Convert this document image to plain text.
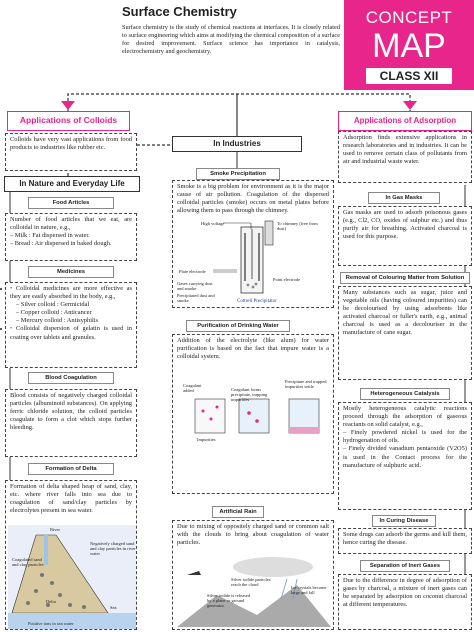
Surface Chemistry
Surface chemistry is the study of chemical reactions at interfaces. It is closely related to surface engineering which aims at modifying the chemical composition of a surface for desired improvement. Surface science has importance in catalysis, electrochemistry and geochemistry.
CONCEPT
MAP
CLASS XII
Applications of Colloids
Colloids have very vast applications from food products to industries like rubber etc.
In Nature and Everyday Life
Food Articles
Number of food articles that we eat, are colloidal in nature, e.g.,
– Milk : Fat dispersed in water.
– Bread : Air dispersed in baked dough.
Medicines
• • Colloidal medicines are more effective as they are easily absorbed in the body, e.g.,
– Silver colloid : Germicidal
– Copper colloid : Anticancer
– Mercury colloid : Antisyphilis
• • Colloidal dispersion of gelatin is used in coating over tablets and granules.
Blood Coagulation
Blood consists of negatively charged colloidal particles (albuminoid substances). On applying ferric chloride solution, the colloid particles coagulate to form a clot which stops further bleeding.
Formation of Delta
Formation of delta shaped heap of sand, clay, etc. where river falls into sea due to coagulation of sand/clay particles by electrolytes present in sea water.
River
Negatively charged sand and clay particles in river water
Coagulated sand and clay particles
Delta
Sea
Positive ions in sea water
In Industries
Smoke Precipitation
Smoke is a big problem for environment as it is the major cause of air pollution. Coagulation of the dispersed colloidal particles (smoke) occurs on metal plates before allowing them to pass through the chimney.
High voltage	To chimney (free from dust)
Plate electrode
Point electrode
Gases carrying dust and smoke
Precipitated dust and smoke	Cottrell Precipitator
Purification of Drinking Water
Addition of the electrolyte (like alum) for water purification is based on the fact that impure water is a colloidal system.
Coagulant added	Coagulant forms precipitate, trapping impurities
Precipitate and trapped impurities settle
Impurities
Artificial Rain
Due to mixing of oppositely charged sand or common salt with the clouds to bring about coagulation of water particles.
Silver iodide particles reach the cloud
Silver iodide is released by a plane or ground generator
Ice crystals become large and fall
Applications of Adsorption
Adsorption finds extensive applications in research laboratories and in industries. It can be used to remove certain class of pollutants from air and industrial waste water.
In Gas Masks
Gas masks are used to adsorb poisonous gases (e.g., Cl2, CO, oxides of sulphur etc.) and thus purify air for breathing. Activated charcoal is used for this purpose.
Removal of Colouring Matter from Solution
Many substances such as sugar, juice and vegetable oils (having coloured impurities) can be decolourised by using adsorbents like activated charcoal or fuller's earth, e.g., animal charcoal is used as a decolouriser in the manufacture of cane sugar.
Heterogeneous Catalysis
Mostly heterogeneous catalytic reactions proceed through the adsorption of gaseous reactants on solid catalyst, e.g.,
– Finely powdered nickel is used for the hydrogenation of oils.
– Finely divided vanadium pentaoxide (V2O5) is used in the Contact process for the manufacture of sulphuric acid.
In Curing Disease
Some drugs can adsorb the germs and kill them, hence curing the disease.
Separation of Inert Gases
Due to the difference in degree of adsorption of gases by charcoal, a mixture of inert gases can be separated by adsorption on coconut charcoal at different temperatures.
